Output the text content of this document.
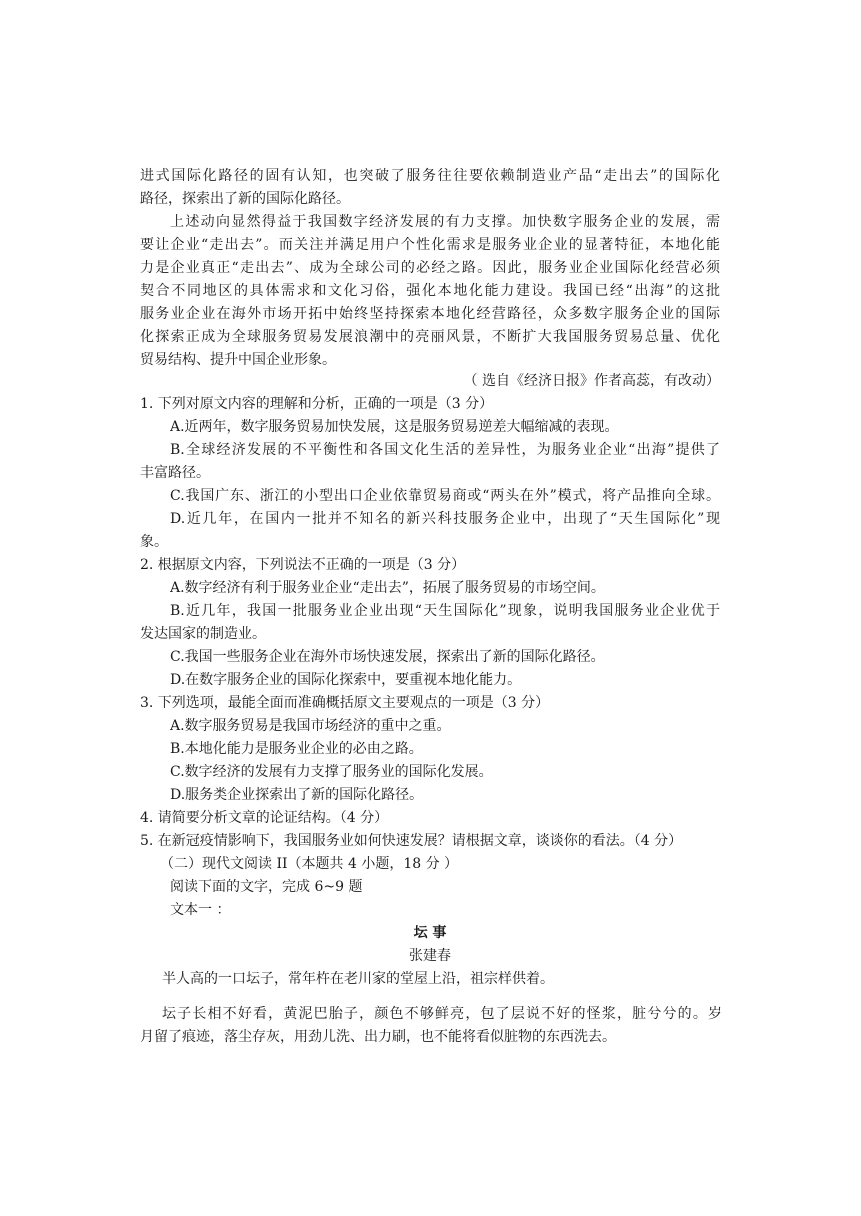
进式国际化路径的固有认知，也突破了服务往往要依赖制造业产品“走出去”的国际化
路径，探索出了新的国际化路径。
上述动向显然得益于我国数字经济发展的有力支撑。加快数字服务企业的发展，需
要让企业“走出去”。而关注并满足用户个性化需求是服务业企业的显著特征，本地化能
力是企业真正“走出去”、成为全球公司的必经之路。因此，服务业企业国际化经营必须
契合不同地区的具体需求和文化习俗，强化本地化能力建设。我国已经“出海”的这批
服务业企业在海外市场开拓中始终坚持探索本地化经营路径，众多数字服务企业的国际
化探索正成为全球服务贸易发展浪潮中的亮丽风景，不断扩大我国服务贸易总量、优化
贸易结构、提升中国企业形象。
（ 选自《经济日报》作者高蕊，有改动）
1. 下列对原文内容的理解和分析，正确的一项是（3 分）
A.近两年，数字服务贸易加快发展，这是服务贸易逆差大幅缩减的表现。
B.全球经济发展的不平衡性和各国文化生活的差异性，为服务业企业“出海”提供了
丰富路径。
C.我国广东、浙江的小型出口企业依靠贸易商或“两头在外”模式，将产品推向全球。
D.近几年，在国内一批并不知名的新兴科技服务企业中，出现了“天生国际化”现
象。
2. 根据原文内容，下列说法不正确的一项是（3 分）
A.数字经济有利于服务业企业“走出去”，拓展了服务贸易的市场空间。
B.近几年，我国一批服务业企业出现“天生国际化”现象，说明我国服务业企业优于
发达国家的制造业。
C.我国一些服务企业在海外市场快速发展，探索出了新的国际化路径。
D.在数字服务企业的国际化探索中，要重视本地化能力。
3. 下列选项，最能全面而准确概括原文主要观点的一项是（3 分）
A.数字服务贸易是我国市场经济的重中之重。
B.本地化能力是服务业企业的必由之路。
C.数字经济的发展有力支撑了服务业的国际化发展。
D.服务类企业探索出了新的国际化路径。
4. 请简要分析文章的论证结构。（4 分）
5. 在新冠疫情影响下，我国服务业如何快速发展？请根据文章，谈谈你的看法。（4 分）
（二）现代文阅读 II（本题共 4 小题，18 分 ）
阅读下面的文字，完成 6~9 题
文本一 ：
坛 事
张建春
半人高的一口坛子，常年杵在老川家的堂屋上沿，祖宗样供着。
坛子长相不好看，黄泥巴胎子，颜色不够鲜亮，包了层说不好的怪浆，脏兮兮的。岁
月留了痕迹，落尘存灰，用劲儿洗、出力刷，也不能将看似脏物的东西洗去。
